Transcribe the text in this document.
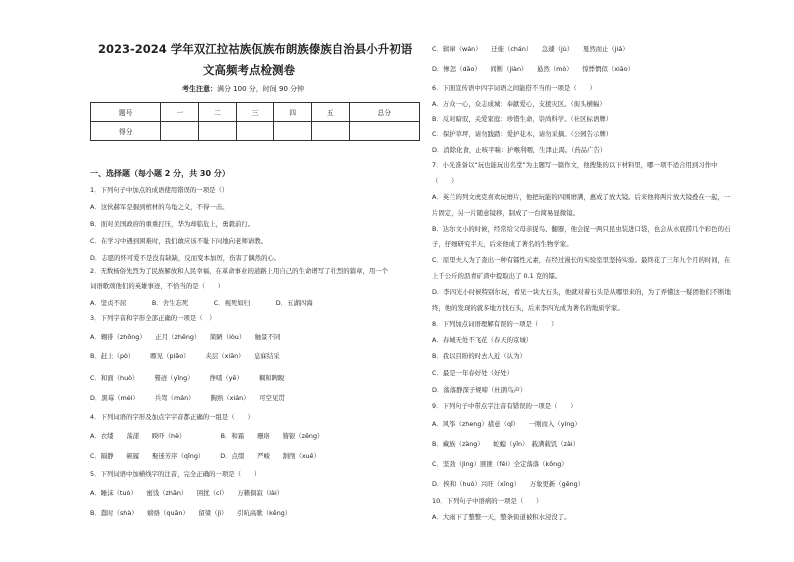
2023-2024 学年双江拉祜族佤族布朗族傣族自治县小升初语
文高频考点检测卷
考生注意：满分 100 分，时间 90 分钟
题号	一	二	三	四	五	总分
得分						
一、选择题（每小题 2 分，共 30 分）
1．下列句子中加点的成语使用错误的一项是（）
A．这伙赫军是掘到棺材的乌龟之义，不得一击。
B．面对美国政府的重重打压，华为却临危上，勇毅前行。
C．在学习中遇到困难时，我们敢应该不耻下问地向老师请教。
D．志愿的怀可爱不是没有缺缺，反而变本加厉，伤害了偶然的心。
2．无数杨俗先烈为了民族解放和人民幸福，在革命事业的道路上用自己的生命谱写了壮烈的篇章，用一个
词语歌颂他们的英雄事迹，不恰当的是（　　）
A．坚贞不屈　　　　B．舍生忘死　　　　C．视死如归　　　　D．五湖四海
3．下列字音和字形全部正确的一项是（　）
A．翱徘（zhōng）　　正月（zhēng）　　简陋（lòu）　　触景不同
B．赶上（pò）　　　瞟见（piǎo）　　　夹层（xiān）　　息寐结采
C．和面（huò）　　　蓦迹（yǐng）　　　挣喳（yē）　　　稠和睥睨
D．黑莓（méi）　　　兵驾（mán）　　　胸熟（xián）　　可空见贯
4．下列词语的字形及加点字字音都正确的一组是（　　）
A．衣缕　　荡漾　　睽吓（hè）　　　　　　B．和霜　　珊珞　　簪银（zēng）
C．隔静　　顿履　　娶迷芳序（qǐng）　　　D．点缀　　严峻　　割削（xuē）
5．下列词语中加横线字的注音，完全正确的一项是（　　）
A．睡沫（tuò）　　蜜饯（zhān）　　困扰（cí）　　万籁俱寂（lài）
B．蠢时（shà）　　螃烙（quān）　　留梁（jì）　　引吭高歌（kēng）
C．辑窜（wán）　　迁徙（chán）　　急遽（jù）　　戛然而止（jiá）
D．惨怎（dāo）　　间断（jiàn）　　悬然（mò）　　惊悸惘似（xiāo）
6．下面宣传语中四字词语之间能搭不当的一项是（　　）
A．万众一心，众志成城：奉献爱心，支援灾区。（街头横幅）
B．反对暗驭，关爱家庭：珍惜生命，崇尚科学。（社区标语牌）
C．保护草坪，请勿践踏：爱护花木，请勿采摘。（公园告示牌）
D．消除化食，止咳平喘：护喉利咽，生津止渴。（药品广告）
7．小光准备以“玩也能玩出名堂”为主题写一篇作文，他搜集的以下材料里，哪一项不适合用到习作中
（　　）
A．英兰的列文虎克喜欢玩磨片，他把玩能的四围磨满，惠成了放大镜。后来他将两片放大镜叠在一起，一
片固定，另一片随意镜移，制成了一台简易显微镜。
B．达尔文小的时候，经常给父母亲捉鸟、翻器，他会捉一两只昆虫装进口袋，也会从水底捞几个彩色的石
子，仔细研究半天，后来他成了著名的生物学家。
C．原里夫人为了查出一种有镭性元素，在经过漫长的实验室里坚持实验。最终花了三年九个月的时间，在
上千公斤的沥青矿渣中提取出了 0.1 克的镭。
D．李四光小时候特别尔玩，看见一块大石头，他就对着石头是从哪里来的，为了弄懂这一疑团他们不断地
终，他的发现的就多地方找石头，后来李四光成为著名的地质学家。
8．下列加点词语理解有误的一项是（　　）
A．春城无处不飞花（春天的京城）
B．我以目盼的时去人近（认为）
C．最是一年春好处（好处）
D．落落静深子规啼（杜鹃鸟声）
9．下列句子中带点字注音有错误的一项是（　　）
A．风筝（zheng）措意（qǐ）　　一刚而入（yíng）
B．藏族（zàng）　　蛇螅（yǐn）　载满载饥（zài）
C．坚劲（jìng）匪匪（fěi）全定落落（kōng）
D．挨和（huò）兴旺（xīng）　　万象更新（gēng）
10．下列句子中语病的一项是（　　）
A．大雨下了整整一天，整条街道被积水浸没了。
